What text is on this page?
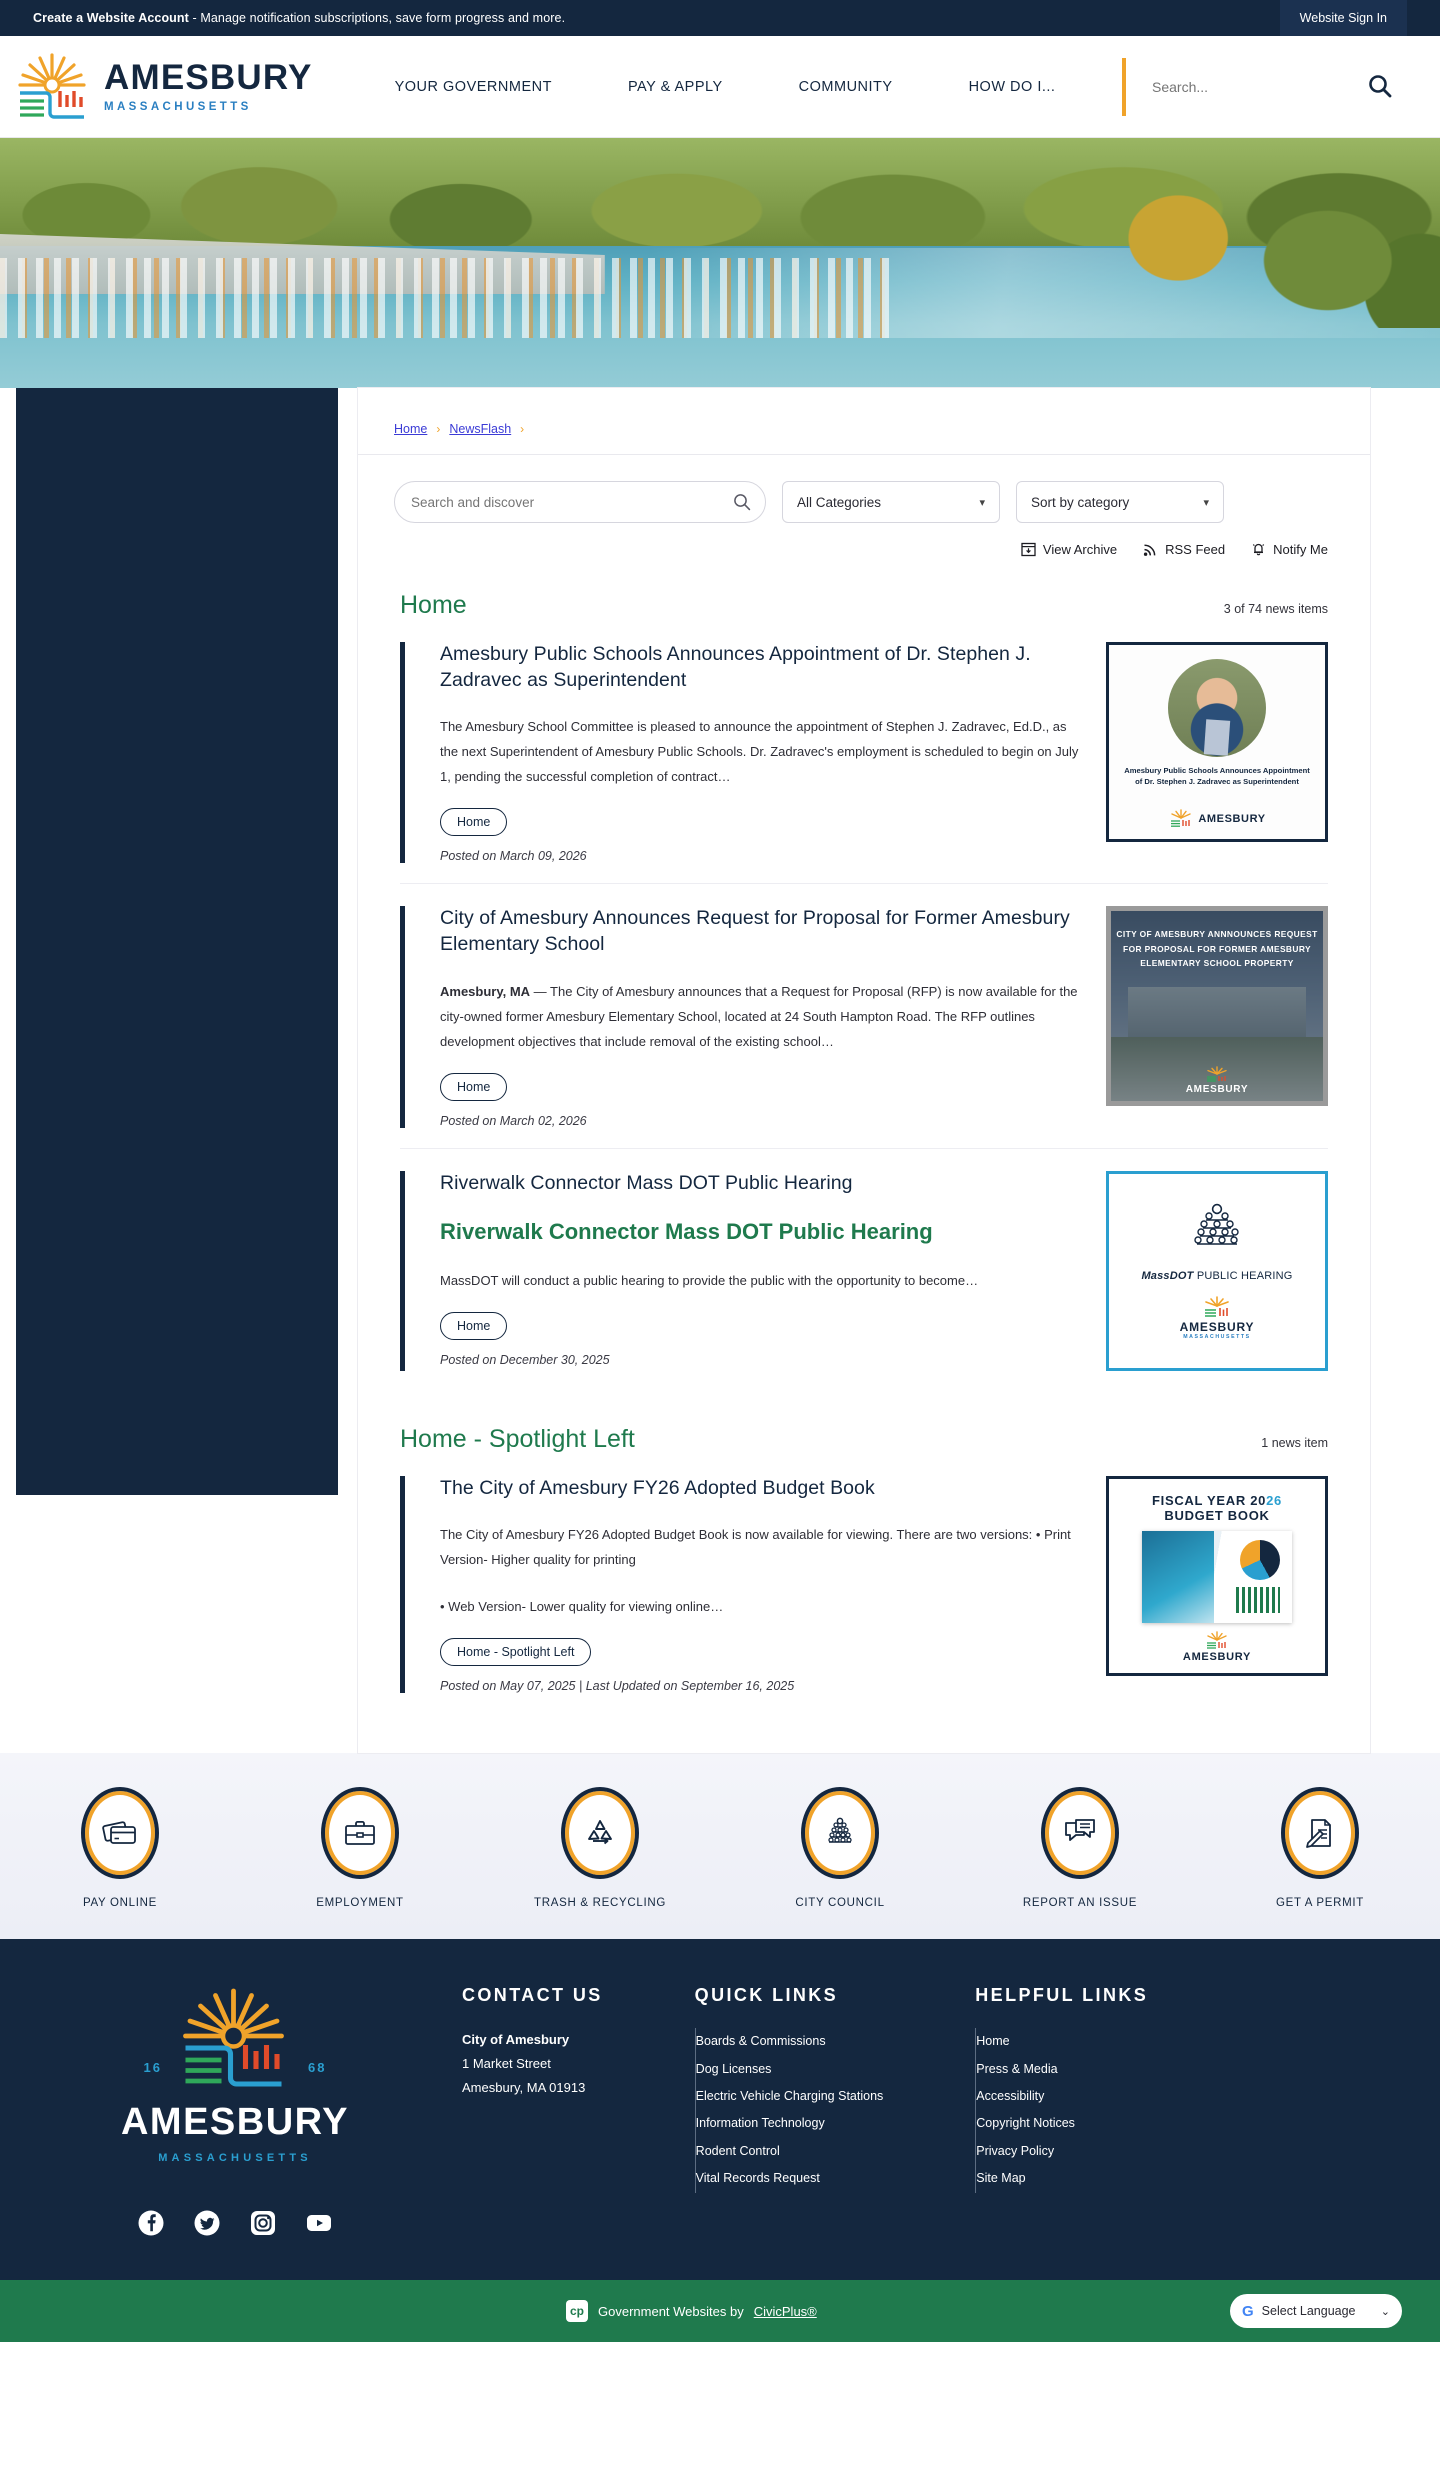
Create a Website Account - Manage notification subscriptions, save form progress and more.	Website Sign In
AMESBURY
MASSACHUSETTS
YOUR GOVERNMENT	PAY & APPLY	COMMUNITY	HOW DO I...
Search...
Home › NewsFlash ›
Search and discover
All Categories	▾	Sort by category	▾
View Archive	RSS Feed	Notify Me
Home	3 of 74 news items
Amesbury Public Schools Announces Appointment of Dr. Stephen J. Zadravec as Superintendent

The Amesbury School Committee is pleased to announce the appointment of Stephen J. Zadravec, Ed.D., as the next Superintendent of Amesbury Public Schools. Dr. Zadravec's employment is scheduled to begin on July 1, pending the successful completion of contract…

Home
Posted on March 09, 2026
Amesbury Public Schools Announces Appointment of Dr. Stephen J. Zadravec as Superintendent
AMESBURY
City of Amesbury Announces Request for Proposal for Former Amesbury Elementary School

Amesbury, MA — The City of Amesbury announces that a Request for Proposal (RFP) is now available for the city-owned former Amesbury Elementary School, located at 24 South Hampton Road. The RFP outlines development objectives that include removal of the existing school…

Home
Posted on March 02, 2026
CITY OF AMESBURY ANNNOUNCES REQUEST FOR PROPOSAL FOR FORMER AMESBURY ELEMENTARY SCHOOL PROPERTY
AMESBURY
Riverwalk Connector Mass DOT Public Hearing
Riverwalk Connector Mass DOT Public Hearing

MassDOT will conduct a public hearing to provide the public with the opportunity to become…

Home
Posted on December 30, 2025
MassDOT PUBLIC HEARING
AMESBURY
MASSACHUSETTS
Home - Spotlight Left	1 news item
The City of Amesbury FY26 Adopted Budget Book

The City of Amesbury FY26 Adopted Budget Book is now available for viewing. There are two versions: • Print Version- Higher quality for printing

• Web Version- Lower quality for viewing online…

Home - Spotlight Left
Posted on May 07, 2025 | Last Updated on September 16, 2025
FISCAL YEAR 2026
BUDGET BOOK
AMESBURY
PAY ONLINE	EMPLOYMENT	TRASH & RECYCLING	CITY COUNCIL	REPORT AN ISSUE	GET A PERMIT
16	68
AMESBURY
MASSACHUSETTS
CONTACT US
City of Amesbury
1 Market Street
Amesbury, MA 01913
QUICK LINKS
Boards & Commissions
Dog Licenses
Electric Vehicle Charging Stations
Information Technology
Rodent Control
Vital Records Request
HELPFUL LINKS
Home
Press & Media
Accessibility
Copyright Notices
Privacy Policy
Site Map
cp	Government Websites by CivicPlus®	G Select Language ⌄
